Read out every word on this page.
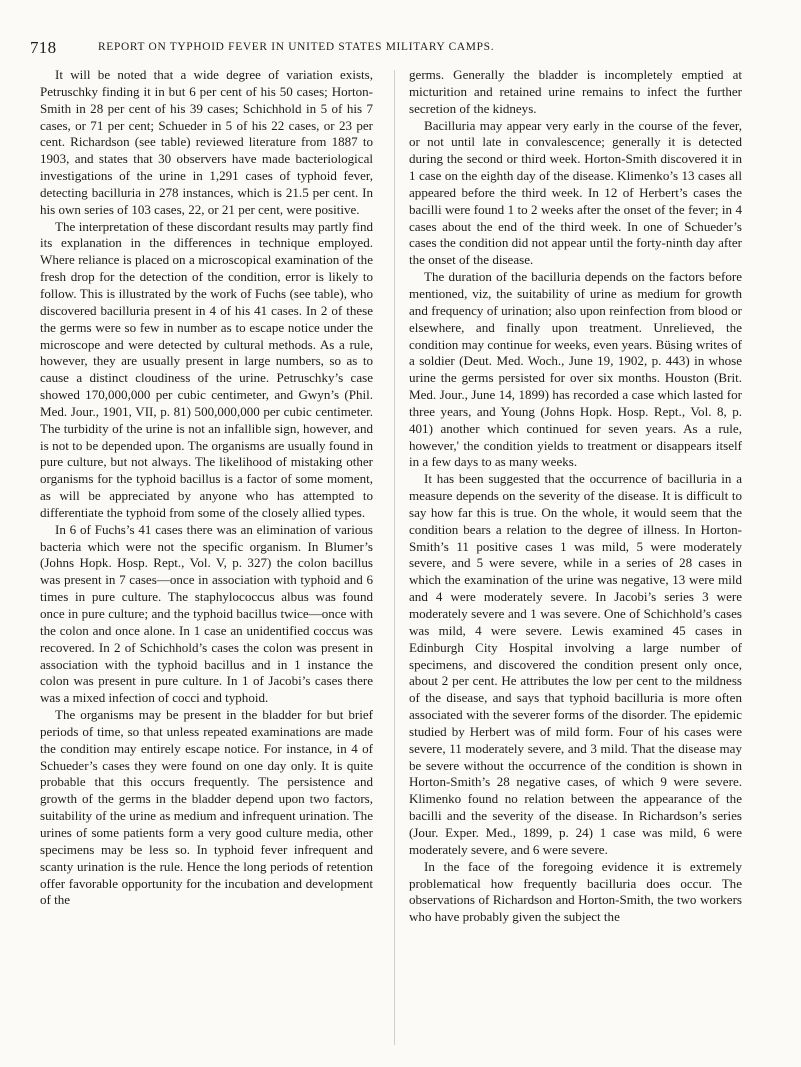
718	REPORT ON TYPHOID FEVER IN UNITED STATES MILITARY CAMPS.

It will be noted that a wide degree of variation exists, Petruschky finding it in but 6 per cent of his 50 cases; Horton-Smith in 28 per cent of his 39 cases; Schichhold in 5 of his 7 cases, or 71 per cent; Schueder in 5 of his 22 cases, or 23 per cent. Richardson (see table) reviewed literature from 1887 to 1903, and states that 30 observers have made bacteriological investigations of the urine in 1,291 cases of typhoid fever, detecting bacilluria in 278 instances, which is 21.5 per cent. In his own series of 103 cases, 22, or 21 per cent, were positive.

The interpretation of these discordant results may partly find its explanation in the differences in technique employed. Where reliance is placed on a microscopical examination of the fresh drop for the detection of the condition, error is likely to follow. This is illustrated by the work of Fuchs (see table), who discovered bacilluria present in 4 of his 41 cases. In 2 of these the germs were so few in number as to escape notice under the microscope and were detected by cultural methods. As a rule, however, they are usually present in large numbers, so as to cause a distinct cloudiness of the urine. Petruschky’s case showed 170,000,000 per cubic centimeter, and Gwyn’s (Phil. Med. Jour., 1901, VII, p. 81) 500,000,000 per cubic centimeter. The turbidity of the urine is not an infallible sign, however, and is not to be depended upon. The organisms are usually found in pure culture, but not always. The likelihood of mistaking other organisms for the typhoid bacillus is a factor of some moment, as will be appreciated by anyone who has attempted to differentiate the typhoid from some of the closely allied types.

In 6 of Fuchs’s 41 cases there was an elimination of various bacteria which were not the specific organism. In Blumer’s (Johns Hopk. Hosp. Rept., Vol. V, p. 327) the colon bacillus was present in 7 cases—once in association with typhoid and 6 times in pure culture. The staphylococcus albus was found once in pure culture; and the typhoid bacillus twice—once with the colon and once alone. In 1 case an unidentified coccus was recovered. In 2 of Schichhold’s cases the colon was present in association with the typhoid bacillus and in 1 instance the colon was present in pure culture. In 1 of Jacobi’s cases there was a mixed infection of cocci and typhoid.

The organisms may be present in the bladder for but brief periods of time, so that unless repeated examinations are made the condition may entirely escape notice. For instance, in 4 of Schueder’s cases they were found on one day only. It is quite probable that this occurs frequently. The persistence and growth of the germs in the bladder depend upon two factors, suitability of the urine as medium and infrequent urination. The urines of some patients form a very good culture media, other specimens may be less so. In typhoid fever infrequent and scanty urination is the rule. Hence the long periods of retention offer favorable opportunity for the incubation and development of the

germs. Generally the bladder is incompletely emptied at micturition and retained urine remains to infect the further secretion of the kidneys.

Bacilluria may appear very early in the course of the fever, or not until late in convalescence; generally it is detected during the second or third week. Horton-Smith discovered it in 1 case on the eighth day of the disease. Klimenko’s 13 cases all appeared before the third week. In 12 of Herbert’s cases the bacilli were found 1 to 2 weeks after the onset of the fever; in 4 cases about the end of the third week. In one of Schueder’s cases the condition did not appear until the forty-ninth day after the onset of the disease.

The duration of the bacilluria depends on the factors before mentioned, viz, the suitability of urine as medium for growth and frequency of urination; also upon reinfection from blood or elsewhere, and finally upon treatment. Unrelieved, the condition may continue for weeks, even years. Büsing writes of a soldier (Deut. Med. Woch., June 19, 1902, p. 443) in whose urine the germs persisted for over six months. Houston (Brit. Med. Jour., June 14, 1899) has recorded a case which lasted for three years, and Young (Johns Hopk. Hosp. Rept., Vol. 8, p. 401) another which continued for seven years. As a rule, however,' the condition yields to treatment or disappears itself in a few days to as many weeks.

It has been suggested that the occurrence of bacilluria in a measure depends on the severity of the disease. It is difficult to say how far this is true. On the whole, it would seem that the condition bears a relation to the degree of illness. In Horton-Smith’s 11 positive cases 1 was mild, 5 were moderately severe, and 5 were severe, while in a series of 28 cases in which the examination of the urine was negative, 13 were mild and 4 were moderately severe. In Jacobi’s series 3 were moderately severe and 1 was severe. One of Schichhold’s cases was mild, 4 were severe. Lewis examined 45 cases in Edinburgh City Hospital involving a large number of specimens, and discovered the condition present only once, about 2 per cent. He attributes the low per cent to the mildness of the disease, and says that typhoid bacilluria is more often associated with the severer forms of the disorder. The epidemic studied by Herbert was of mild form. Four of his cases were severe, 11 moderately severe, and 3 mild. That the disease may be severe without the occurrence of the condition is shown in Horton-Smith’s 28 negative cases, of which 9 were severe. Klimenko found no relation between the appearance of the bacilli and the severity of the disease. In Richardson’s series (Jour. Exper. Med., 1899, p. 24) 1 case was mild, 6 were moderately severe, and 6 were severe.

In the face of the foregoing evidence it is extremely problematical how frequently bacilluria does occur. The observations of Richardson and Horton-Smith, the two workers who have probably given the subject the
